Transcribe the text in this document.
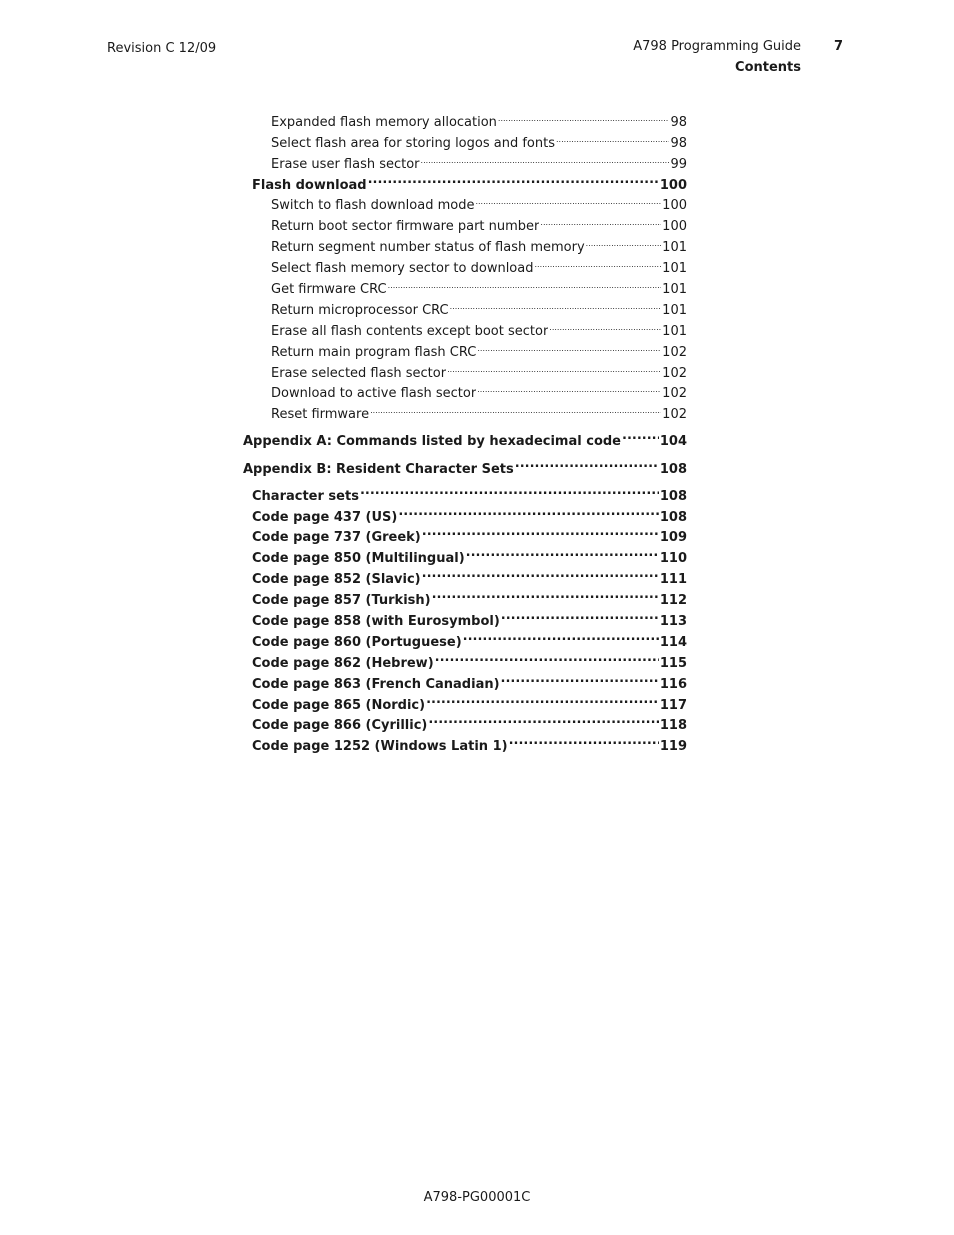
Revision C 12/09	A798 Programming Guide
Contents
7
Expanded flash memory allocation .....	98
Select flash area for storing logos and fonts .....	98
Erase user flash sector .....	99
Flash download .....	100
Switch to flash download mode .....	100
Return boot sector firmware part number .....	100
Return segment number status of flash memory .....	101
Select flash memory sector to download .....	101
Get firmware CRC .....	101
Return microprocessor CRC .....	101
Erase all flash contents except boot sector .....	101
Return main program flash CRC .....	102
Erase selected flash sector .....	102
Download to active flash sector .....	102
Reset firmware .....	102
Appendix A: Commands listed by hexadecimal code .....	104
Appendix B: Resident Character Sets .....	108
Character sets .....	108
Code page 437 (US) .....	108
Code page 737 (Greek) .....	109
Code page 850 (Multilingual) .....	110
Code page 852 (Slavic) .....	111
Code page 857 (Turkish) .....	112
Code page 858 (with Eurosymbol) .....	113
Code page 860 (Portuguese) .....	114
Code page 862 (Hebrew) .....	115
Code page 863 (French Canadian) .....	116
Code page 865 (Nordic) .....	117
Code page 866 (Cyrillic) .....	118
Code page 1252 (Windows Latin 1) .....	119
A798-PG00001C
